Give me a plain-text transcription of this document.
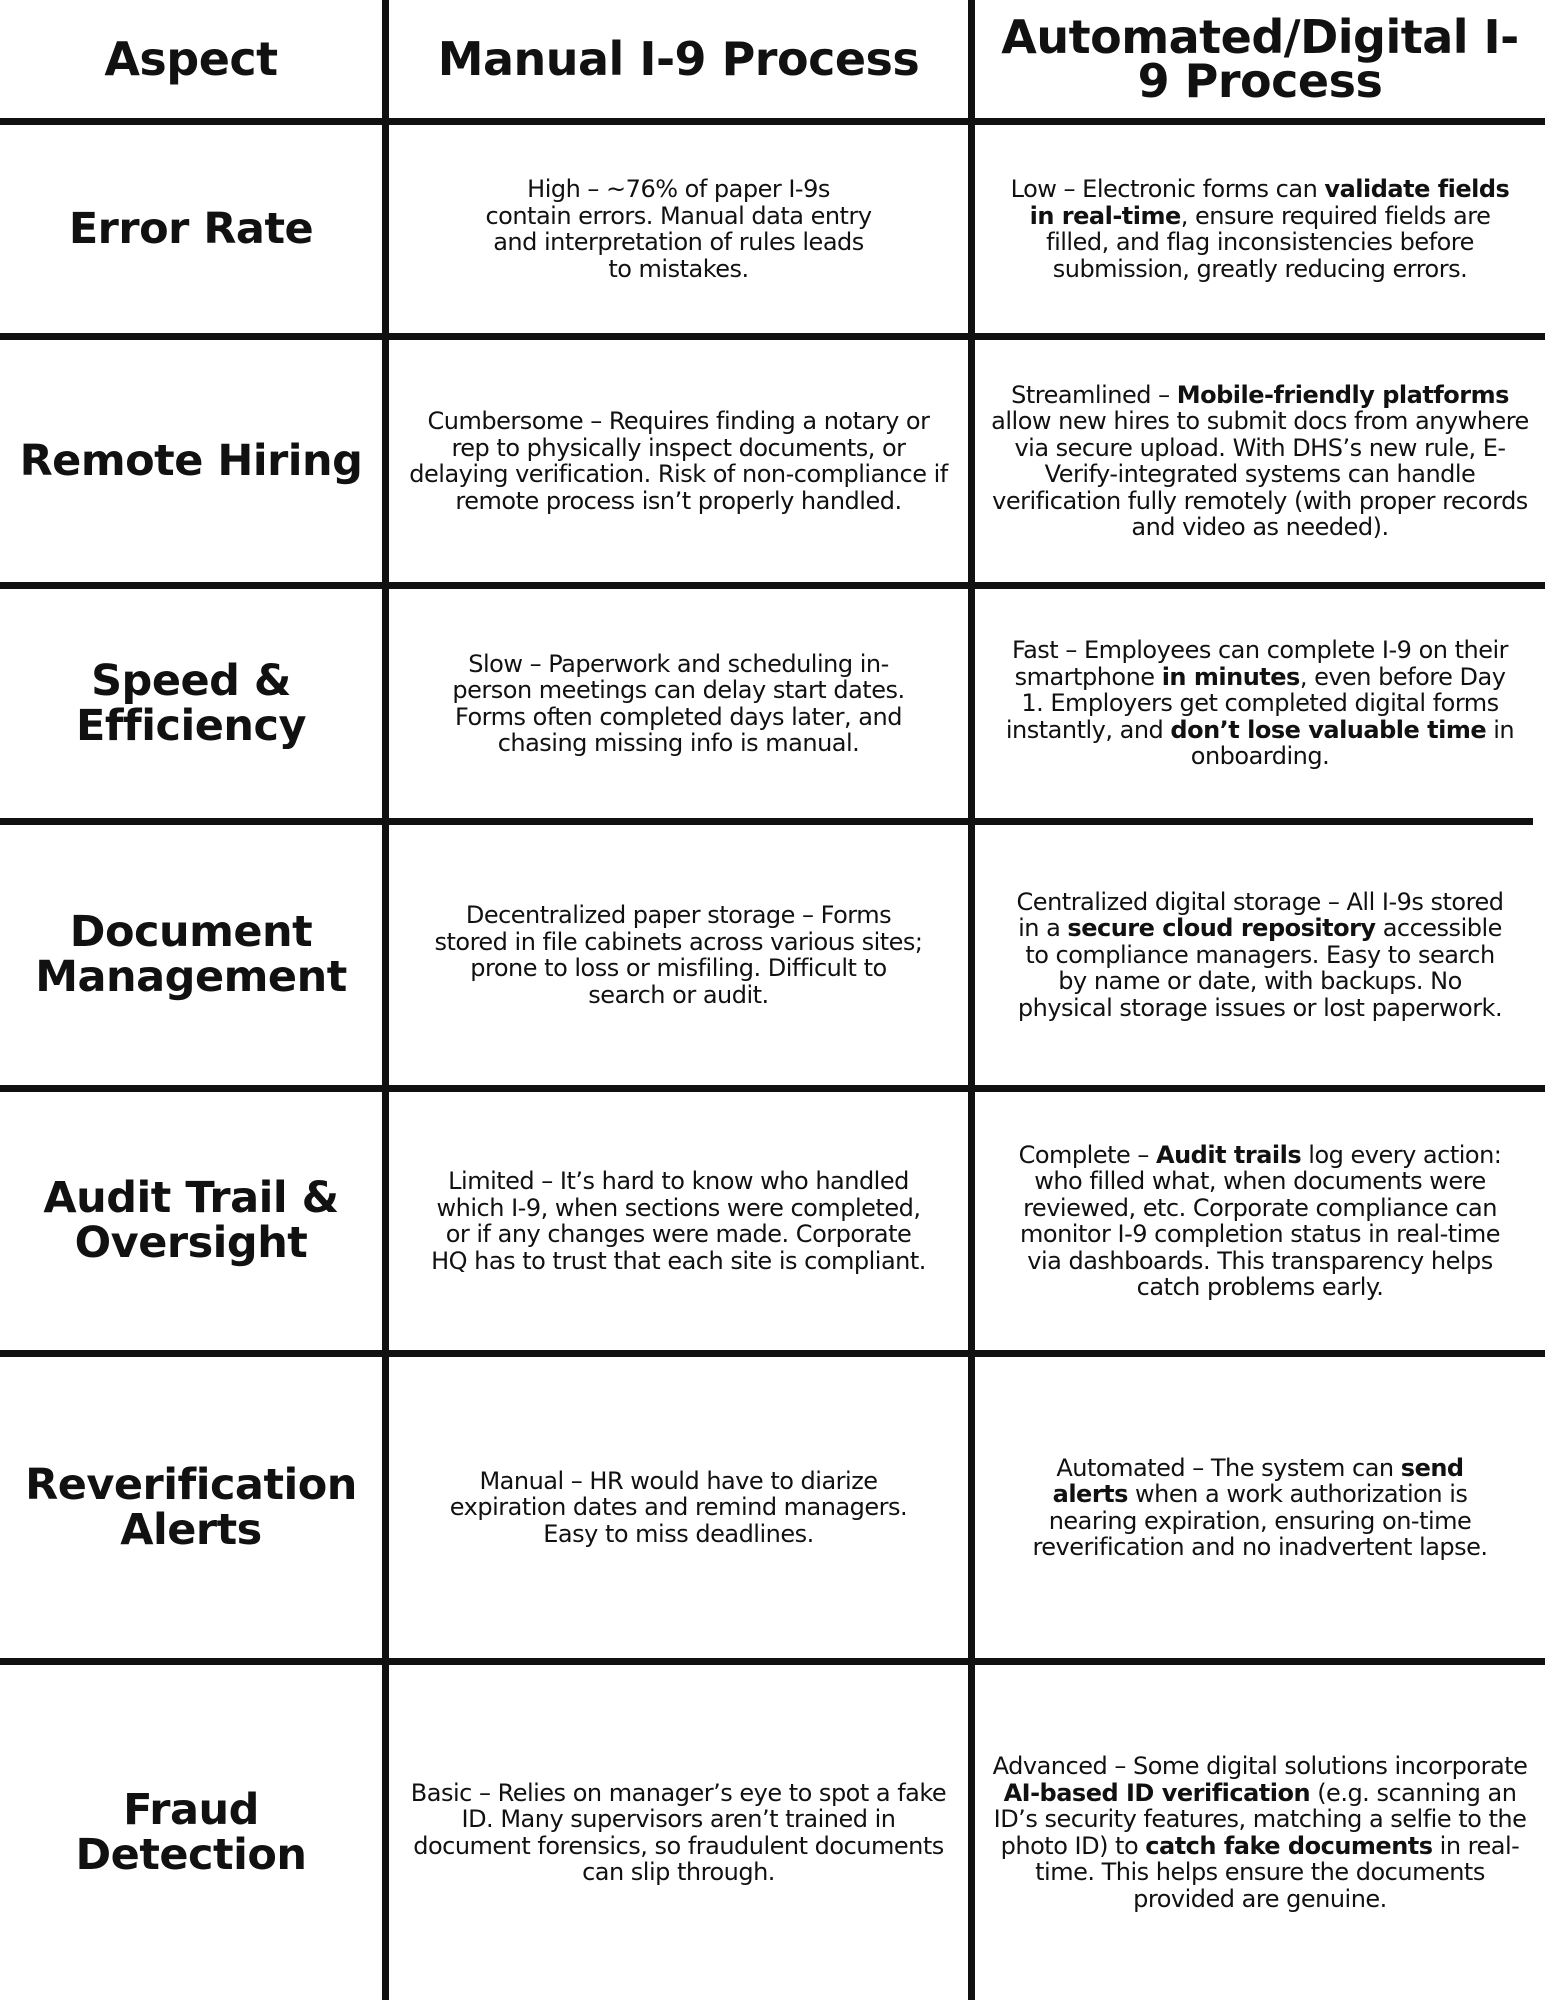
Aspect	Manual I-9 Process Automated/Digital I-9 Process
Error Rate
High – ~76% of paper I-9s contain errors. Manual data entry and interpretation of rules leads to mistakes.
Low – Electronic forms can validate fields in real-time, ensure required fields are filled, and flag inconsistencies before submission, greatly reducing errors.
Remote Hiring
Cumbersome – Requires finding a notary or rep to physically inspect documents, or delaying verification. Risk of non-compliance if remote process isn’t properly handled.
Streamlined – Mobile-friendly platforms allow new hires to submit docs from anywhere via secure upload. With DHS’s new rule, E-Verify-integrated systems can handle verification fully remotely (with proper records and video as needed).
Speed & Efficiency
Slow – Paperwork and scheduling in-person meetings can delay start dates. Forms often completed days later, and chasing missing info is manual.
Fast – Employees can complete I-9 on their smartphone in minutes, even before Day 1. Employers get completed digital forms instantly, and don’t lose valuable time in onboarding.
Document Management
Decentralized paper storage – Forms stored in file cabinets across various sites; prone to loss or misfiling. Difficult to search or audit.
Centralized digital storage – All I-9s stored in a secure cloud repository accessible to compliance managers. Easy to search by name or date, with backups. No physical storage issues or lost paperwork.
Audit Trail & Oversight
Limited – It’s hard to know who handled which I-9, when sections were completed, or if any changes were made. Corporate HQ has to trust that each site is compliant.
Complete – Audit trails log every action: who filled what, when documents were reviewed, etc. Corporate compliance can monitor I-9 completion status in real-time via dashboards. This transparency helps catch problems early.
Reverification Alerts
Manual – HR would have to diarize expiration dates and remind managers. Easy to miss deadlines.
Automated – The system can send alerts when a work authorization is nearing expiration, ensuring on-time reverification and no inadvertent lapse.
Fraud Detection
Basic – Relies on manager’s eye to spot a fake ID. Many supervisors aren’t trained in document forensics, so fraudulent documents can slip through.
Advanced – Some digital solutions incorporate AI-based ID verification (e.g. scanning an ID’s security features, matching a selfie to the photo ID) to catch fake documents in real-time. This helps ensure the documents provided are genuine.
